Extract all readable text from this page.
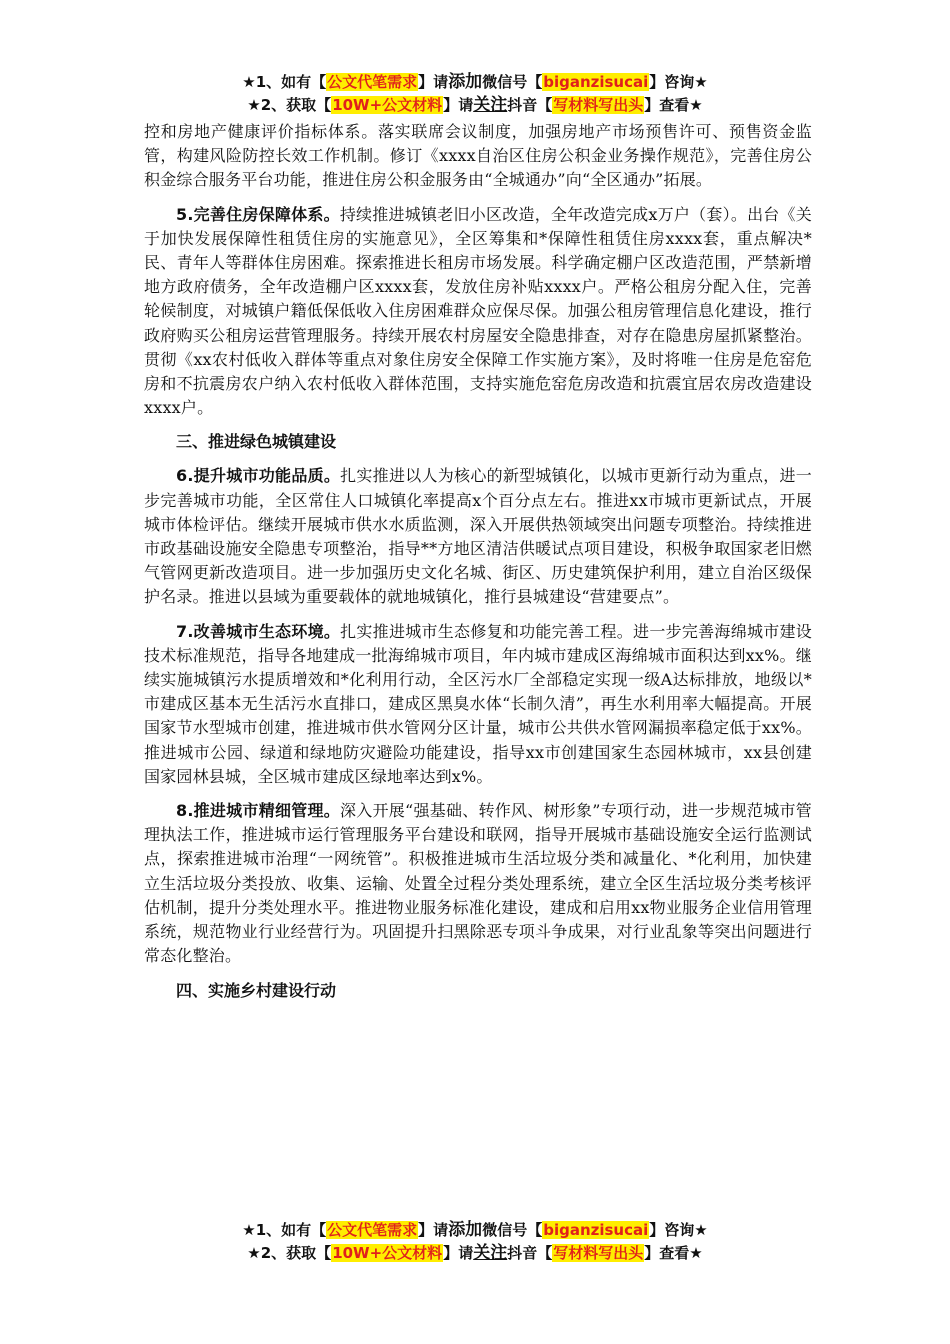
★1、如有【公文代笔需求】请添加微信号【biganzisucai】咨询★
★2、获取【10W+公文材料】请关注抖音【写材料写出头】查看★

控和房地产健康评价指标体系。落实联席会议制度，加强房地产市场预售许可、预售资金监管，构建风险防控长效工作机制。修订《xxxx自治区住房公积金业务操作规范》，完善住房公积金综合服务平台功能，推进住房公积金服务由“全城通办”向“全区通办”拓展。

5.完善住房保障体系。持续推进城镇老旧小区改造，全年改造完成x万户（套）。出台《关于加快发展保障性租赁住房的实施意见》，全区筹集和*保障性租赁住房xxxx套，重点解决*民、青年人等群体住房困难。探索推进长租房市场发展。科学确定棚户区改造范围，严禁新增地方政府债务，全年改造棚户区xxxx套，发放住房补贴xxxx户。严格公租房分配入住，完善轮候制度，对城镇户籍低保低收入住房困难群众应保尽保。加强公租房管理信息化建设，推行政府购买公租房运营管理服务。持续开展农村房屋安全隐患排查，对存在隐患房屋抓紧整治。贯彻《xx农村低收入群体等重点对象住房安全保障工作实施方案》，及时将唯一住房是危窑危房和不抗震房农户纳入农村低收入群体范围，支持实施危窑危房改造和抗震宜居农房改造建设xxxx户。

三、推进绿色城镇建设

6.提升城市功能品质。扎实推进以人为核心的新型城镇化，以城市更新行动为重点，进一步完善城市功能，全区常住人口城镇化率提高x个百分点左右。推进xx市城市更新试点，开展城市体检评估。继续开展城市供水水质监测，深入开展供热领域突出问题专项整治。持续推进市政基础设施安全隐患专项整治，指导**方地区清洁供暖试点项目建设，积极争取国家老旧燃气管网更新改造项目。进一步加强历史文化名城、街区、历史建筑保护利用，建立自治区级保护名录。推进以县域为重要载体的就地城镇化，推行县城建设“营建要点”。

7.改善城市生态环境。扎实推进城市生态修复和功能完善工程。进一步完善海绵城市建设技术标准规范，指导各地建成一批海绵城市项目，年内城市建成区海绵城市面积达到xx%。继续实施城镇污水提质增效和*化利用行动，全区污水厂全部稳定实现一级A达标排放，地级以*市建成区基本无生活污水直排口，建成区黑臭水体“长制久清”，再生水利用率大幅提高。开展国家节水型城市创建，推进城市供水管网分区计量，城市公共供水管网漏损率稳定低于xx%。推进城市公园、绿道和绿地防灾避险功能建设，指导xx市创建国家生态园林城市，xx县创建国家园林县城，全区城市建成区绿地率达到x%。

8.推进城市精细管理。深入开展“强基础、转作风、树形象”专项行动，进一步规范城市管理执法工作，推进城市运行管理服务平台建设和联网，指导开展城市基础设施安全运行监测试点，探索推进城市治理“一网统管”。积极推进城市生活垃圾分类和减量化、*化利用，加快建立生活垃圾分类投放、收集、运输、处置全过程分类处理系统，建立全区生活垃圾分类考核评估机制，提升分类处理水平。推进物业服务标准化建设，建成和启用xx物业服务企业信用管理系统，规范物业行业经营行为。巩固提升扫黑除恶专项斗争成果，对行业乱象等突出问题进行常态化整治。

四、实施乡村建设行动

★1、如有【公文代笔需求】请添加微信号【biganzisucai】咨询★
★2、获取【10W+公文材料】请关注抖音【写材料写出头】查看★
